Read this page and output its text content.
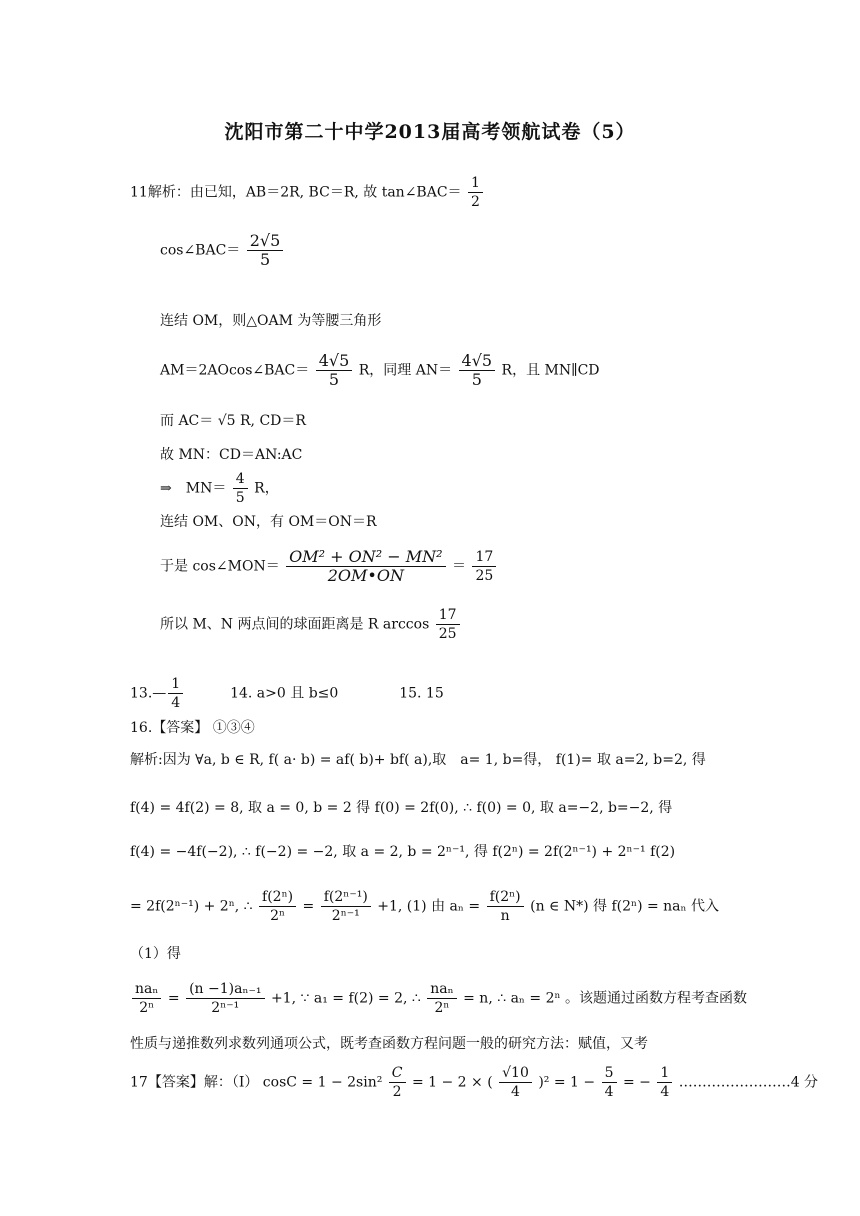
沈阳市第二十中学2013届高考领航试卷（5）
11解析：由已知，AB＝2R, BC＝R, 故 tan∠BAC＝ $\frac{1}{2}$
cos∠BAC＝ $\frac{2√5}{5}$
连结 OM，则△OAM 为等腰三角形
AM＝2AOcos∠BAC＝ $\frac{4√5}{5}$ R，同理 $AN= \frac{4√5}{5}$ R，且 MN∥CD
而 AC＝ √5 R, CD＝R
故 MN：CD＝AN:AC
⇒　$MN= \frac{4}{5}$ R，
连结 OM、ON，有 OM＝ON＝R
于是 cos∠MON＝ $\frac{\text{OM² + ON² − MN²}}{2OM•ON} = \frac{17}{25}$
所以 M、N 两点间的球面距离是 R $\arccos \frac{17}{25}$
13.— $\frac{1}{4}$	14. a>0 且 b≤0	15. 15
16.【答案】 ①③④
解析:因为 ∀a, b ∈ R, f( a· b) = af( b)+ bf( a),取　a= 1, b=得， f(1)= 取 a=2, b=2, 得
f(4) = 4f(2) = 8, 取 a = 0, b = 2 得 f(0) = 2f(0), ∴ f(0) = 0, 取 a=−2, b=−2, 得
f(4) = −4f(−2), ∴ f(−2) = −2, 取 a = 2, b = 2ⁿ⁻¹, 得 f(2ⁿ) = 2f(2ⁿ⁻¹) + 2ⁿ⁻¹ f(2)
= 2f(2ⁿ⁻¹) + 2ⁿ, ∴ $\frac{\text{f(2ⁿ)}}{\text{2ⁿ}} = \frac{\text{f(2ⁿ⁻¹)}}{\text{2ⁿ⁻¹}} +1$, (1) 由 $a_n = \frac{\text{f(2ⁿ)}}{n} (n$ ∈ N*) 得 f(2ⁿ) = naₙ 代入
（1）得
naₙ
2ⁿ
= $\frac{\text{(n −1)aₙ₋₁}}{\text{2ⁿ⁻¹}} +1$, ∵ a₁ = f(2) = 2, ∴
naₙ
2ⁿ
= n, ∴ aₙ = 2ⁿ 。该题通过函数方程考查函数
性质与递推数列求数列通项公式，既考查函数方程问题一般的研究方法：赋值，又考
17【答案】解：（Ⅰ） $\cos C = 1 - 2\sin^2 \frac{C}{2} = 1 - 2$ × ( $\frac{√10}{4} )^2 = 1 - \frac{5}{4}$ = − $\frac{1}{4}$ ……………………4 分
